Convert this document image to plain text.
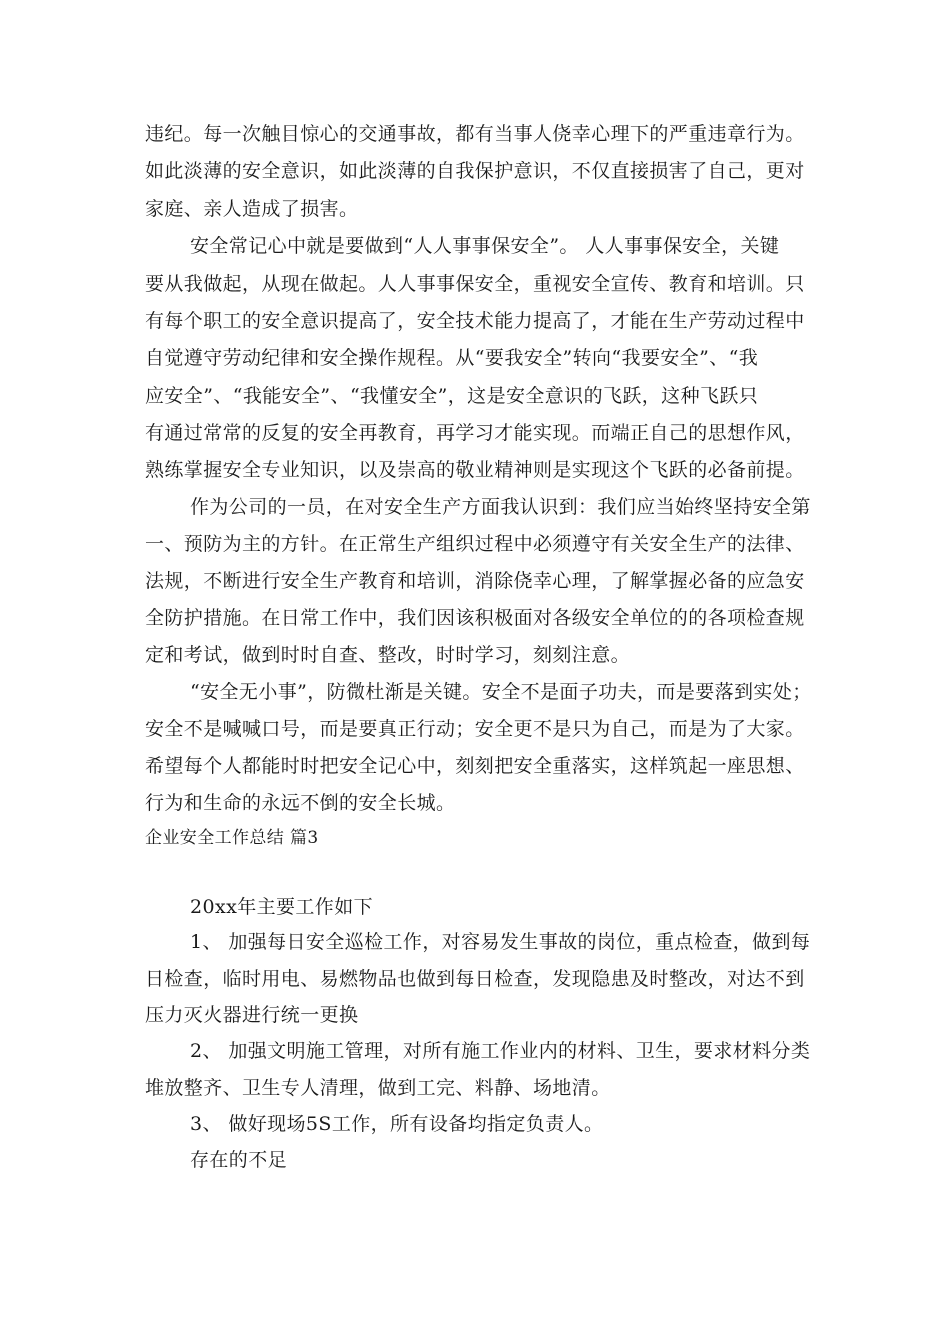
违纪。每一次触目惊心的交通事故，都有当事人侥幸心理下的严重违章行为。
如此淡薄的安全意识，如此淡薄的自我保护意识，不仅直接损害了自己，更对
家庭、亲人造成了损害。
安全常记心中就是要做到“人人事事保安全”。 人人事事保安全，关键
要从我做起，从现在做起。人人事事保安全，重视安全宣传、教育和培训。只
有每个职工的安全意识提高了，安全技术能力提高了，才能在生产劳动过程中
自觉遵守劳动纪律和安全操作规程。从“要我安全”转向“我要安全”、“我
应安全”、“我能安全”、“我懂安全”，这是安全意识的飞跃，这种飞跃只
有通过常常的反复的安全再教育，再学习才能实现。而端正自己的思想作风，
熟练掌握安全专业知识，以及崇高的敬业精神则是实现这个飞跃的必备前提。
作为公司的一员，在对安全生产方面我认识到：我们应当始终坚持安全第
一、预防为主的方针。在正常生产组织过程中必须遵守有关安全生产的法律、
法规，不断进行安全生产教育和培训，消除侥幸心理，了解掌握必备的应急安
全防护措施。在日常工作中，我们因该积极面对各级安全单位的的各项检查规
定和考试，做到时时自查、整改，时时学习，刻刻注意。
“安全无小事”，防微杜渐是关键。安全不是面子功夫，而是要落到实处；
安全不是喊喊口号，而是要真正行动；安全更不是只为自己，而是为了大家。
希望每个人都能时时把安全记心中，刻刻把安全重落实，这样筑起一座思想、
行为和生命的永远不倒的安全长城。
企业安全工作总结 篇3
20xx年主要工作如下
1、 加强每日安全巡检工作，对容易发生事故的岗位，重点检查，做到每
日检查，临时用电、易燃物品也做到每日检查，发现隐患及时整改，对达不到
压力灭火器进行统一更换
2、 加强文明施工管理，对所有施工作业内的材料、卫生，要求材料分类
堆放整齐、卫生专人清理，做到工完、料静、场地清。
3、 做好现场5S工作，所有设备均指定负责人。
存在的不足
